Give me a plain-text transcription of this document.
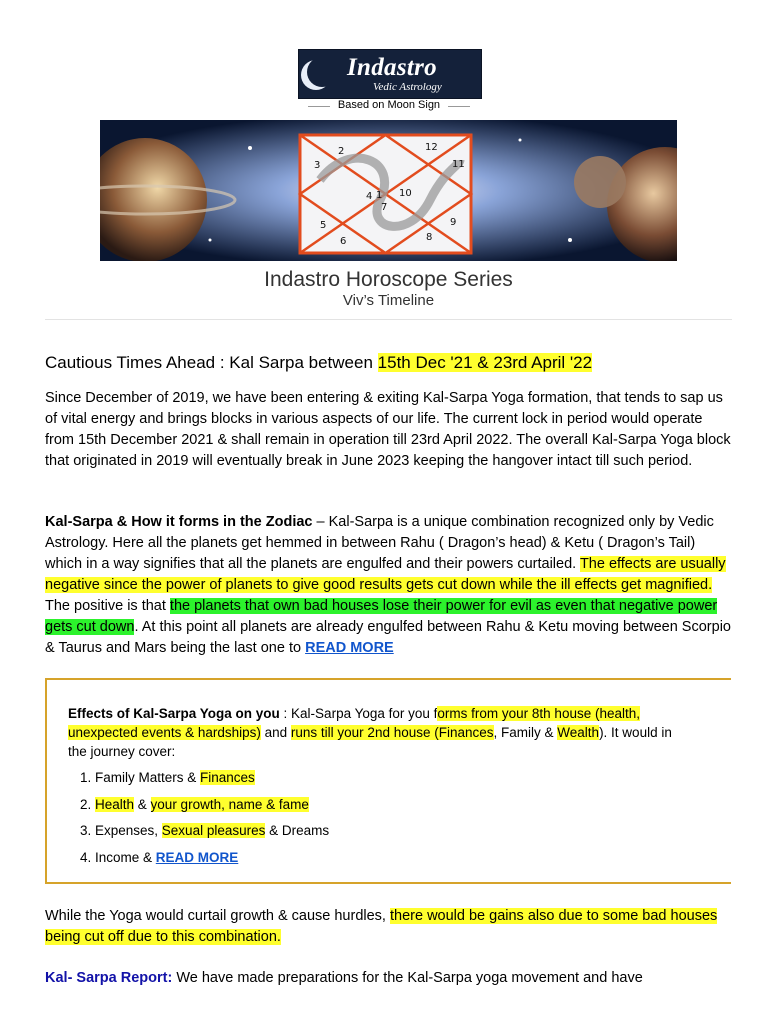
Indastro
Vedic Astrology
Based on Moon Sign
1
2
3
4
5
6
7
8
9
10
11
12
Indastro Horoscope Series
Viv’s Timeline
Cautious Times Ahead : Kal Sarpa between 15th Dec '21 & 23rd April '22
Since December of 2019, we have been entering & exiting Kal-Sarpa Yoga formation, that tends to sap us of vital energy and brings blocks in various aspects of our life. The current lock in period would operate from 15th December 2021 & shall remain in operation till 23rd April 2022. The overall Kal-Sarpa Yoga block that originated in 2019 will eventually break in June 2023 keeping the hangover intact till such period.
Kal-Sarpa & How it forms in the Zodiac – Kal-Sarpa is a unique combination recognized only by Vedic Astrology. Here all the planets get hemmed in between Rahu ( Dragon’s head) & Ketu ( Dragon’s Tail) which in a way signifies that all the planets are engulfed and their powers curtailed. The effects are usually negative since the power of planets to give good results gets cut down while the ill effects get magnified. The positive is that the planets that own bad houses lose their power for evil as even that negative power gets cut down. At this point all planets are already engulfed between Rahu & Ketu moving between Scorpio & Taurus and Mars being the last one to READ MORE
Effects of Kal-Sarpa Yoga on you : Kal-Sarpa Yoga for you forms from your 8th house (health, unexpected events & hardships) and runs till your 2nd house (Finances, Family & Wealth). It would in the journey cover:
1. Family Matters & Finances
2. Health & your growth, name & fame
3. Expenses, Sexual pleasures & Dreams
4. Income & READ MORE
While the Yoga would curtail growth & cause hurdles, there would be gains also due to some bad houses being cut off due to this combination.
Kal- Sarpa Report: We have made preparations for the Kal-Sarpa yoga movement and have
